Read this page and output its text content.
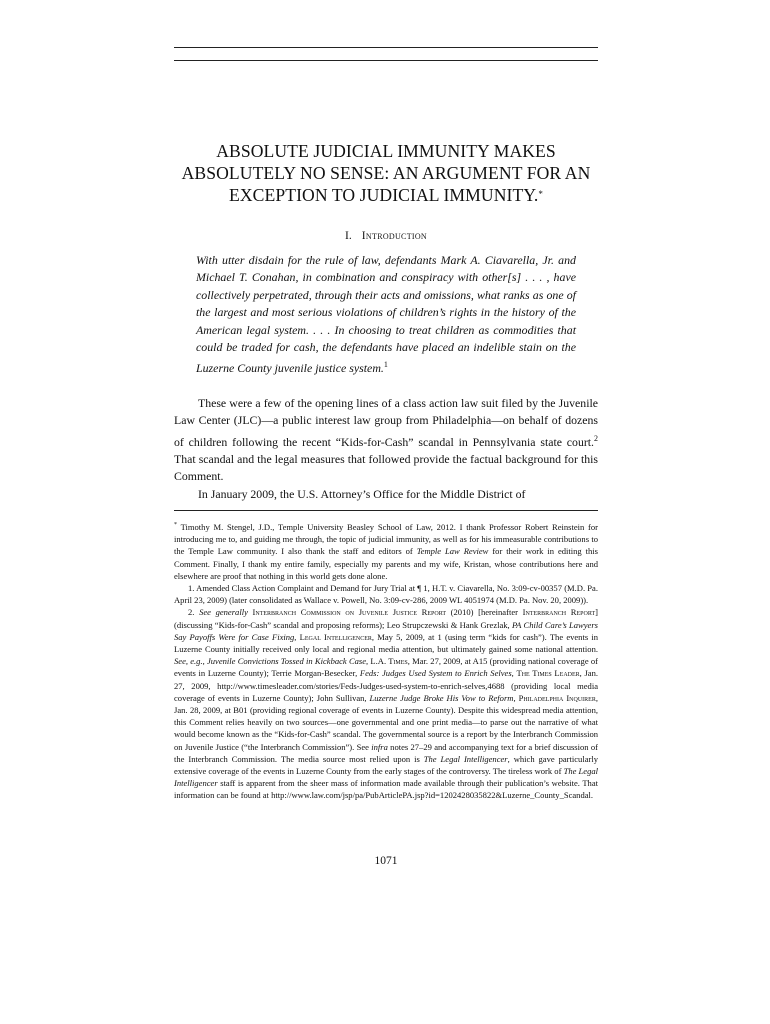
ABSOLUTE JUDICIAL IMMUNITY MAKES ABSOLUTELY NO SENSE: AN ARGUMENT FOR AN EXCEPTION TO JUDICIAL IMMUNITY.*
I. Introduction
With utter disdain for the rule of law, defendants Mark A. Ciavarella, Jr. and Michael T. Conahan, in combination and conspiracy with other[s] . . . , have collectively perpetrated, through their acts and omissions, what ranks as one of the largest and most serious violations of children’s rights in the history of the American legal system. . . . In choosing to treat children as commodities that could be traded for cash, the defendants have placed an indelible stain on the Luzerne County juvenile justice system.$^1$

These were a few of the opening lines of a class action law suit filed by the Juvenile Law Center (JLC)—a public interest law group from Philadelphia—on behalf of dozens of children following the recent “Kids-for-Cash” scandal in Pennsylvania state court.$^2$ That scandal and the legal measures that followed provide the factual background for this Comment.

In January 2009, the U.S. Attorney’s Office for the Middle District of

* Timothy M. Stengel, J.D., Temple University Beasley School of Law, 2012. I thank Professor Robert Reinstein for introducing me to, and guiding me through, the topic of judicial immunity, as well as for his immeasurable contributions to the Temple Law community. I also thank the staff and editors of Temple Law Review for their work in editing this Comment. Finally, I thank my entire family, especially my parents and my wife, Kristan, whose contributions here and elsewhere are proof that nothing in this world gets done alone.

1. Amended Class Action Complaint and Demand for Jury Trial at ¶ 1, H.T. v. Ciavarella, No. 3:09-cv-00357 (M.D. Pa. April 23, 2009) (later consolidated as Wallace v. Powell, No. 3:09-cv-286, 2009 WL 4051974 (M.D. Pa. Nov. 20, 2009)).

2. See generally Interbranch Commission on Juvenile Justice Report (2010) [hereinafter Interbranch Report] (discussing “Kids-for-Cash” scandal and proposing reforms); Leo Strupczewski & Hank Grezlak, PA Child Care’s Lawyers Say Payoffs Were for Case Fixing, Legal Intelligencer, May 5, 2009, at 1 (using term “kids for cash”). The events in Luzerne County initially received only local and regional media attention, but ultimately gained some national attention. See, e.g., Juvenile Convictions Tossed in Kickback Case, L.A. Times, Mar. 27, 2009, at A15 (providing national coverage of events in Luzerne County); Terrie Morgan-Besecker, Feds: Judges Used System to Enrich Selves, The Times Leader, Jan. 27, 2009, http://www.timesleader.com/stories/Feds-Judges-used-system-to-enrich-selves,4688 (providing local media coverage of events in Luzerne County); John Sullivan, Luzerne Judge Broke His Vow to Reform, Philadelphia Inquirer, Jan. 28, 2009, at B01 (providing regional coverage of events in Luzerne County). Despite this widespread media attention, this Comment relies heavily on two sources—one governmental and one print media—to parse out the narrative of what would become known as the “Kids-for-Cash” scandal. The governmental source is a report by the Interbranch Commission on Juvenile Justice (“the Interbranch Commission”). See infra notes 27–29 and accompanying text for a brief discussion of the Interbranch Commission. The media source most relied upon is The Legal Intelligencer, which gave particularly extensive coverage of the events in Luzerne County from the early stages of the controversy. The tireless work of The Legal Intelligencer staff is apparent from the sheer mass of information made available through their publication’s website. That information can be found at http://www.law.com/jsp/pa/PubArticlePA.jsp?id=1202428035822&Luzerne_County_Scandal.

1071
